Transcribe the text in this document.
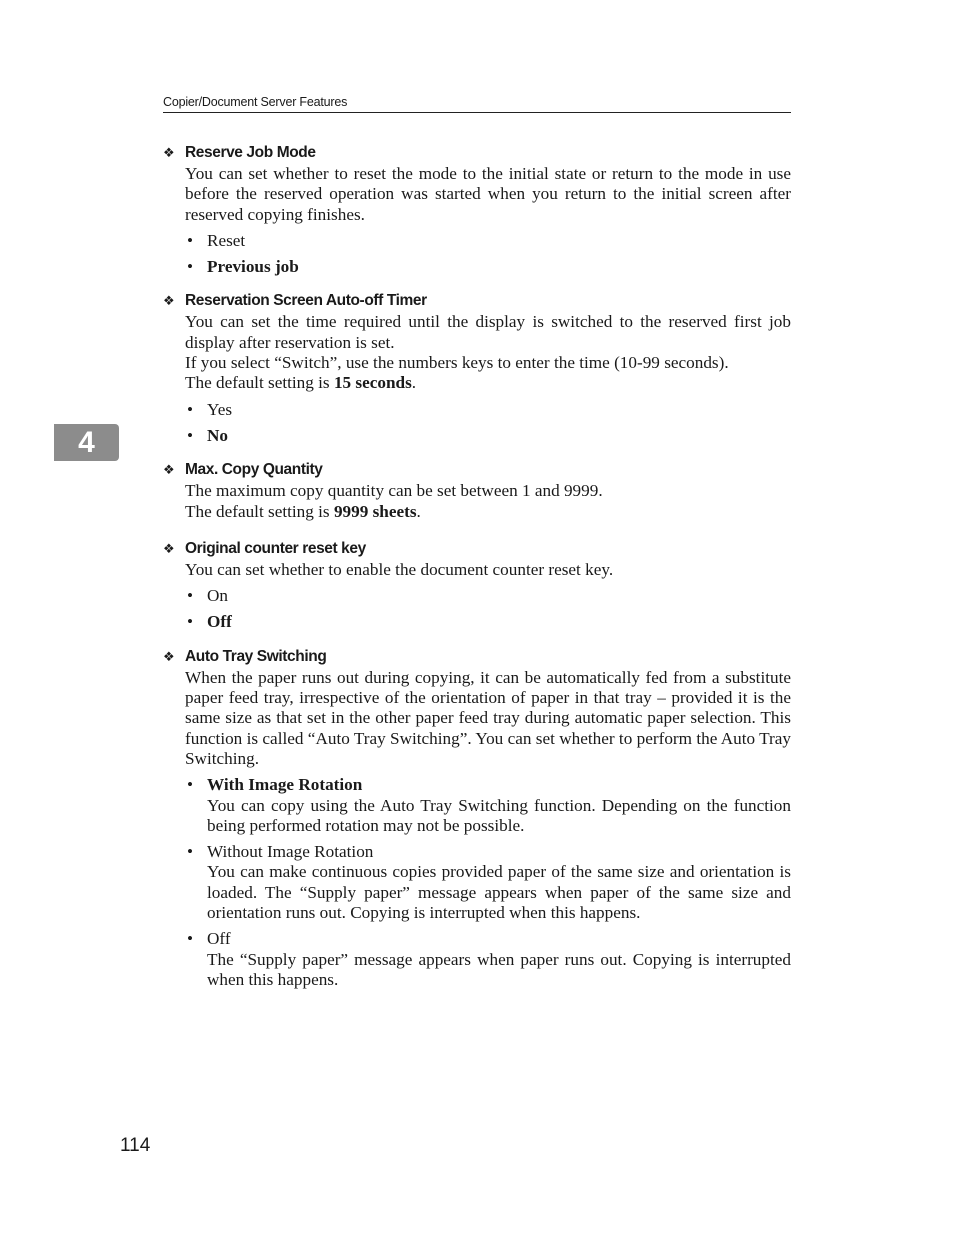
Copier/Document Server Features
4
❖ Reserve Job Mode

You can set whether to reset the mode to the initial state or return to the mode in use before the reserved operation was started when you return to the initial screen after reserved copying finishes.

• Reset
• Previous job
❖ Reservation Screen Auto-off Timer

You can set the time required until the display is switched to the reserved first job display after reservation is set.

If you select “Switch”, use the numbers keys to enter the time (10-99 seconds).

The default setting is 15 seconds.

• Yes
• No
❖ Max. Copy Quantity

The maximum copy quantity can be set between 1 and 9999.

The default setting is 9999 sheets.

❖ Original counter reset key

You can set whether to enable the document counter reset key.

• On
• Off
❖ Auto Tray Switching

When the paper runs out during copying, it can be automatically fed from a substitute paper feed tray, irrespective of the orientation of paper in that tray – provided it is the same size as that set in the other paper feed tray during automatic paper selection. This function is called “Auto Tray Switching”. You can set whether to perform the Auto Tray Switching.

• With Image Rotation
You can copy using the Auto Tray Switching function. Depending on the function being performed rotation may not be possible.
• Without Image Rotation
You can make continuous copies provided paper of the same size and orientation is loaded. The “Supply paper” message appears when paper of the same size and orientation runs out. Copying is interrupted when this happens.
• Off
The “Supply paper” message appears when paper runs out. Copying is interrupted when this happens.
114
